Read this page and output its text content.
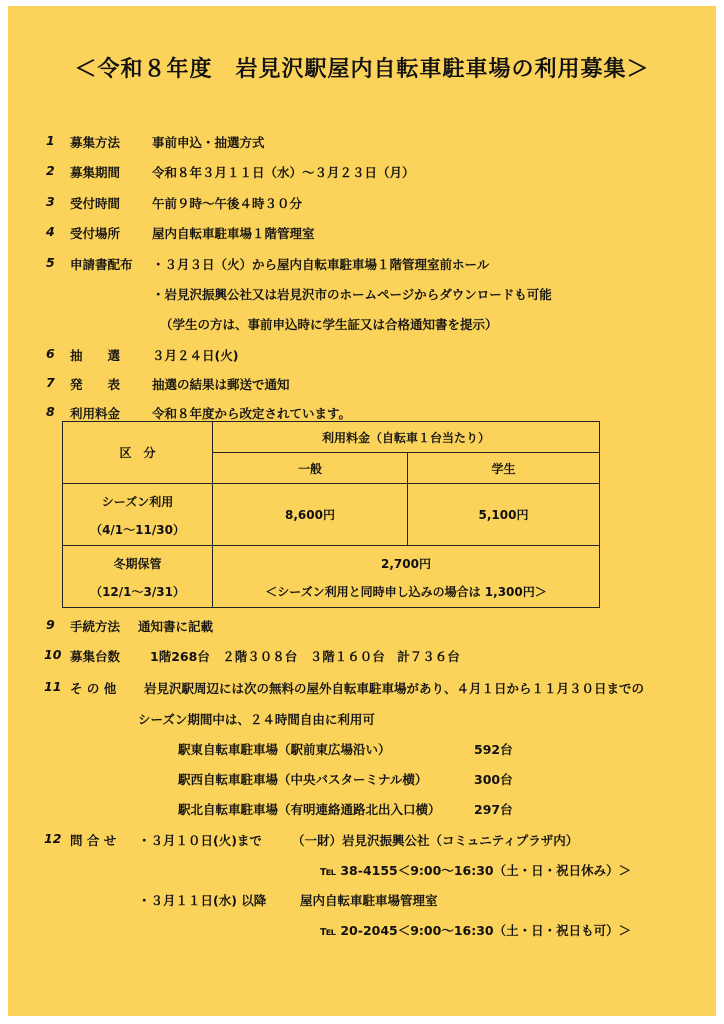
＜令和８年度　岩見沢駅屋内自転車駐車場の利用募集＞
1 募集方法	事前申込・抽選方式
2 募集期間	令和８年３月１１日（水）～３月２３日（月）
3 受付時間	午前９時～午後４時３０分
4 受付場所	屋内自転車駐車場１階管理室
5 申請書配布 ・３月３日（火）から屋内自転車駐車場１階管理室前ホール
・岩見沢振興公社又は岩見沢市のホームページからダウンロードも可能
（学生の方は、事前申込時に学生証又は合格通知書を提示）
6 抽　　選	３月２４日(火)
7 発　　表	抽選の結果は郵送で通知
8 利用料金	令和８年度から改定されています。
区　分	利用料金（自転車１台当たり）	
	一般	学生

シーズン利用
（4/1～11/30）	8,600円	5,100円

冬期保管
（12/1～3/31）	2,700円
＜シーズン利用と同時申し込みの場合は 1,300円＞	
9 手続方法 通知書に記載
10 募集台数 1階268台　２階３０８台　３階１６０台　計７３６台
11 そ の 他 岩見沢駅周辺には次の無料の屋外自転車駐車場があり、４月１日から１１月３０日までの
シーズン期間中は、２４時間自由に利用可
駅東自転車駐車場（駅前東広場沿い）	592台
駅西自転車駐車場（中央バスターミナル横）	300台
駅北自転車駐車場（有明連絡通路北出入口横）	297台
12 問 合 せ ・３月１０日(火)まで （一財）岩見沢振興公社（コミュニティプラザ内）
℡ 38-4155＜9:00～16:30（土・日・祝日休み）＞
・３月１１日(水) 以降	屋内自転車駐車場管理室
℡ 20-2045＜9:00～16:30（土・日・祝日も可）＞
